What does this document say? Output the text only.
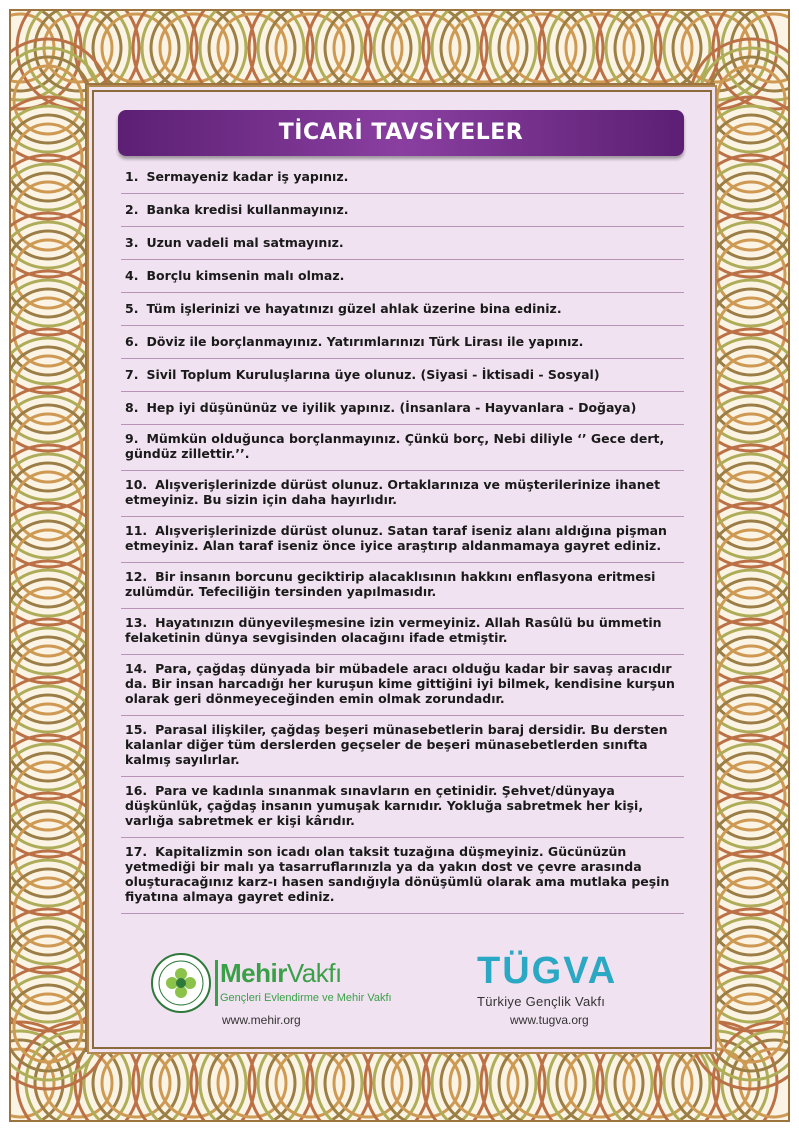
TİCARİ TAVSİYELER
1. Sermayeniz kadar iş yapınız.
2. Banka kredisi kullanmayınız.
3. Uzun vadeli mal satmayınız.
4. Borçlu kimsenin malı olmaz.
5. Tüm işlerinizi ve hayatınızı güzel ahlak üzerine bina ediniz.
6. Döviz ile borçlanmayınız. Yatırımlarınızı Türk Lirası ile yapınız.
7. Sivil Toplum Kuruluşlarına üye olunuz. (Siyasi - İktisadi - Sosyal)
8. Hep iyi düşününüz ve iyilik yapınız. (İnsanlara - Hayvanlara - Doğaya)
9. Mümkün olduğunca borçlanmayınız. Çünkü borç, Nebi diliyle ‘’ Gece dert, gündüz zillettir.’’.
10. Alışverişlerinizde dürüst olunuz. Ortaklarınıza ve müşterilerinize ihanet etmeyiniz. Bu sizin için daha hayırlıdır.
11. Alışverişlerinizde dürüst olunuz. Satan taraf iseniz alanı aldığına pişman etmeyiniz. Alan taraf iseniz önce iyice araştırıp aldanmamaya gayret ediniz.
12. Bir insanın borcunu geciktirip alacaklısının hakkını enflasyona eritmesi zulümdür. Tefeciliğin tersinden yapılmasıdır.
13. Hayatınızın dünyevileşmesine izin vermeyiniz. Allah Rasûlü bu ümmetin felaketinin dünya sevgisinden olacağını ifade etmiştir.
14. Para, çağdaş dünyada bir mübadele aracı olduğu kadar bir savaş aracıdır da. Bir insan harcadığı her kuruşun kime gittiğini iyi bilmek, kendisine kurşun olarak geri dönmeyeceğinden emin olmak zorundadır.
15. Parasal ilişkiler, çağdaş beşeri münasebetlerin baraj dersidir. Bu dersten kalanlar diğer tüm derslerden geçseler de beşeri münasebetlerden sınıfta kalmış sayılırlar.
16. Para ve kadınla sınanmak sınavların en çetinidir. Şehvet/dünyaya düşkünlük, çağdaş insanın yumuşak karnıdır. Yokluğa sabretmek her kişi, varlığa sabretmek er kişi kârıdır.
17. Kapitalizmin son icadı olan taksit tuzağına düşmeyiniz. Gücünüzün yetmediği bir malı ya tasarruflarınızla ya da yakın dost ve çevre arasında oluşturacağınız karz-ı hasen sandığıyla dönüşümlü olarak ama mutlaka peşin fiyatına almaya gayret ediniz.
MehirVakfı
Gençleri Evlendirme ve Mehir Vakfı
www.mehir.org
TÜGVA
Türkiye Gençlik Vakfı
www.tugva.org
